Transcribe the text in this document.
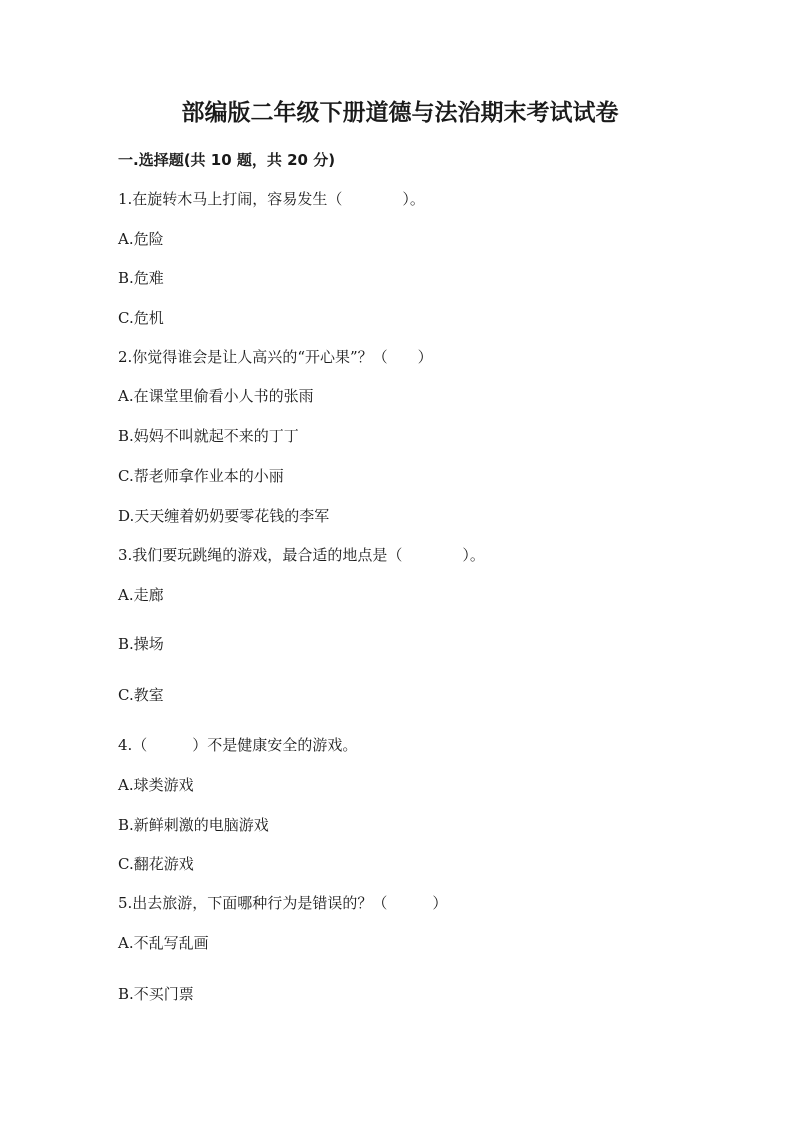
部编版二年级下册道德与法治期末考试试卷
一.选择题(共 10 题，共 20 分)
1.在旋转木马上打闹，容易发生（　　　　）。
A.危险
B.危难
C.危机
2.你觉得谁会是让人高兴的“开心果”？（　　）
A.在课堂里偷看小人书的张雨
B.妈妈不叫就起不来的丁丁
C.帮老师拿作业本的小丽
D.天天缠着奶奶要零花钱的李军
3.我们要玩跳绳的游戏，最合适的地点是（　　　　）。
A.走廊
B.操场
C.教室
4.（　　　）不是健康安全的游戏。
A.球类游戏
B.新鲜刺激的电脑游戏
C.翻花游戏
5.出去旅游，下面哪种行为是错误的？（　　　）
A.不乱写乱画
B.不买门票
